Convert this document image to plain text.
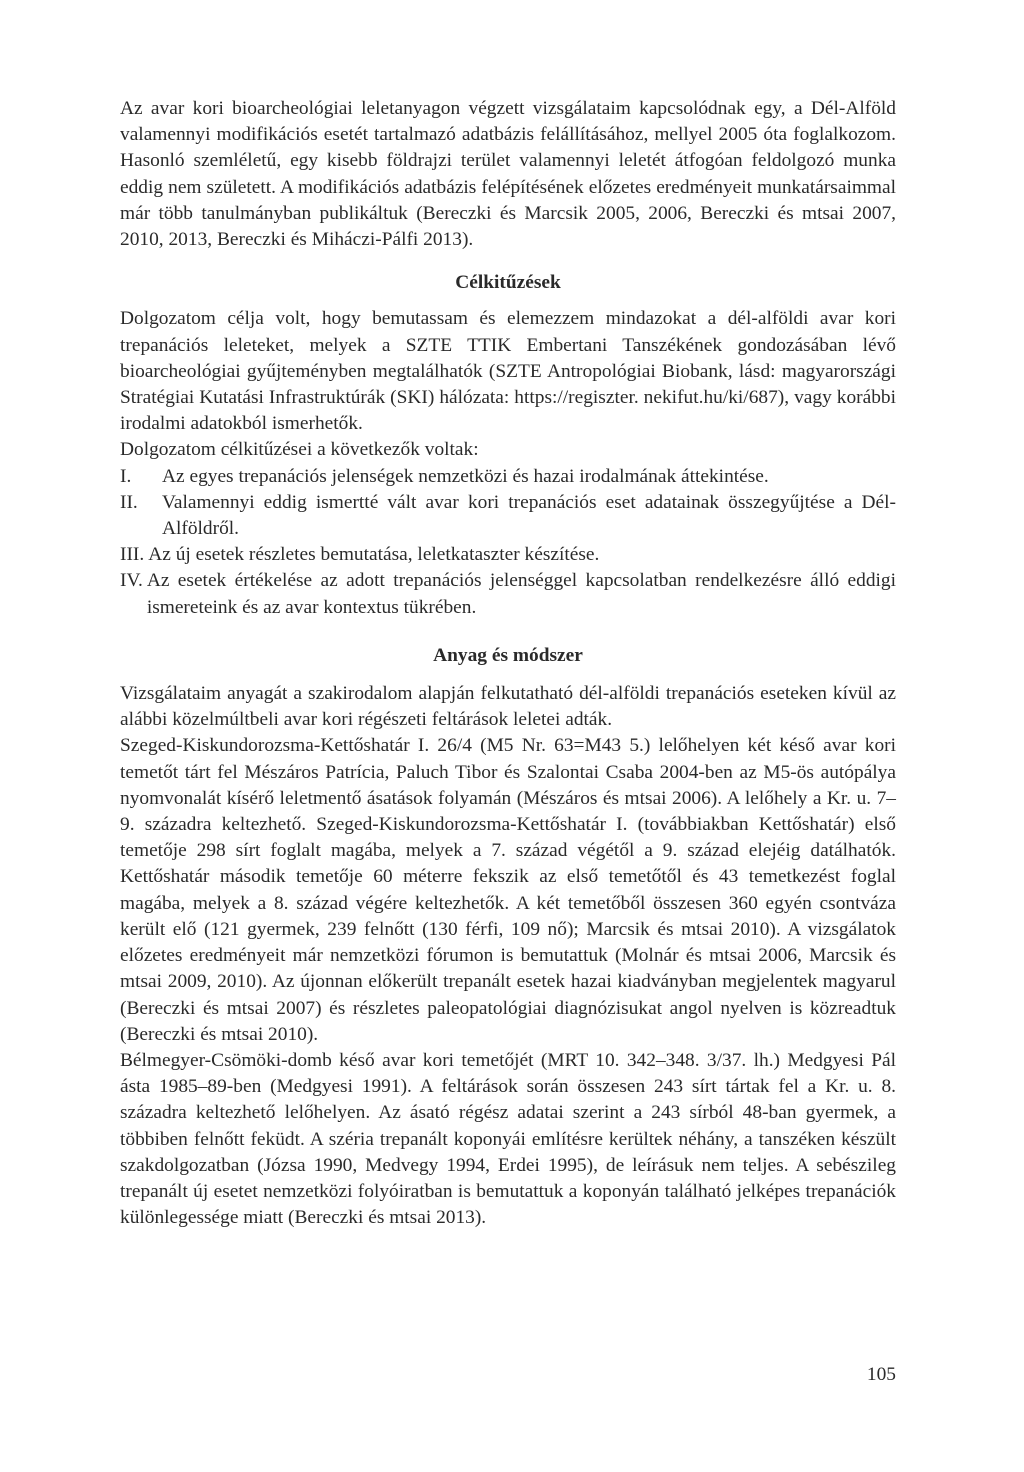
Az avar kori bioarcheológiai leletanyagon végzett vizsgálataim kapcsolódnak egy, a Dél-Alföld valamennyi modifikációs esetét tartalmazó adatbázis felállításához, mellyel 2005 óta foglalkozom. Hasonló szemléletű, egy kisebb földrajzi terület valamennyi leletét átfogóan feldolgozó munka eddig nem született. A modifikációs adatbázis felépítésének előzetes eredményeit munkatársaimmal már több tanulmányban publikáltuk (Bereczki és Marcsik 2005, 2006, Bereczki és mtsai 2007, 2010, 2013, Bereczki és Miháczi-Pálfi 2013).

Célkitűzések

Dolgozatom célja volt, hogy bemutassam és elemezzem mindazokat a dél-alföldi avar kori trepanációs leleteket, melyek a SZTE TTIK Embertani Tanszékének gondozásában lévő bioarcheológiai gyűjteményben megtalálhatók (SZTE Antropológiai Biobank, lásd: magyarországi Stratégiai Kutatási Infrastruktúrák (SKI) hálózata: https://regiszter. nekifut.hu/ki/687), vagy korábbi irodalmi adatokból ismerhetők.

Dolgozatom célkitűzései a következők voltak:

I.	Az egyes trepanációs jelenségek nemzetközi és hazai irodalmának áttekintése.
II.	Valamennyi eddig ismertté vált avar kori trepanációs eset adatainak összegyűjtése a Dél-Alföldről.
III. Az új esetek részletes bemutatása, leletkataszter készítése.
IV. Az esetek értékelése az adott trepanációs jelenséggel kapcsolatban rendelkezésre álló eddigi ismereteink és az avar kontextus tükrében.
Anyag és módszer

Vizsgálataim anyagát a szakirodalom alapján felkutatható dél-alföldi trepanációs eseteken kívül az alábbi közelmúltbeli avar kori régészeti feltárások leletei adták.

Szeged-Kiskundorozsma-Kettőshatár I. 26/4 (M5 Nr. 63=M43 5.) lelőhelyen két késő avar kori temetőt tárt fel Mészáros Patrícia, Paluch Tibor és Szalontai Csaba 2004-ben az M5-ös autópálya nyomvonalát kísérő leletmentő ásatások folyamán (Mészáros és mtsai 2006). A lelőhely a Kr. u. 7–9. századra keltezhető. Szeged-Kiskundorozsma-Kettőshatár I. (továbbiakban Kettőshatár) első temetője 298 sírt foglalt magába, melyek a 7. század végétől a 9. század elejéig datálhatók. Kettőshatár második temetője 60 méterre fekszik az első temetőtől és 43 temetkezést foglal magába, melyek a 8. század végére keltezhetők. A két temetőből összesen 360 egyén csontváza került elő (121 gyermek, 239 felnőtt (130 férfi, 109 nő); Marcsik és mtsai 2010). A vizsgálatok előzetes eredményeit már nemzetközi fórumon is bemutattuk (Molnár és mtsai 2006, Marcsik és mtsai 2009, 2010). Az újonnan előkerült trepanált esetek hazai kiadványban megjelentek magyarul (Bereczki és mtsai 2007) és részletes paleopatológiai diagnózisukat angol nyelven is közreadtuk (Bereczki és mtsai 2010).

Bélmegyer-Csömöki-domb késő avar kori temetőjét (MRT 10. 342–348. 3/37. lh.) Medgyesi Pál ásta 1985–89-ben (Medgyesi 1991). A feltárások során összesen 243 sírt tártak fel a Kr. u. 8. századra keltezhető lelőhelyen. Az ásató régész adatai szerint a 243 sírból 48-ban gyermek, a többiben felnőtt feküdt. A széria trepanált koponyái említésre kerültek néhány, a tanszéken készült szakdolgozatban (Józsa 1990, Medvegy 1994, Erdei 1995), de leírásuk nem teljes. A sebészileg trepanált új esetet nemzetközi folyóiratban is bemutattuk a koponyán található jelképes trepanációk különlegessége miatt (Bereczki és mtsai 2013).

105
